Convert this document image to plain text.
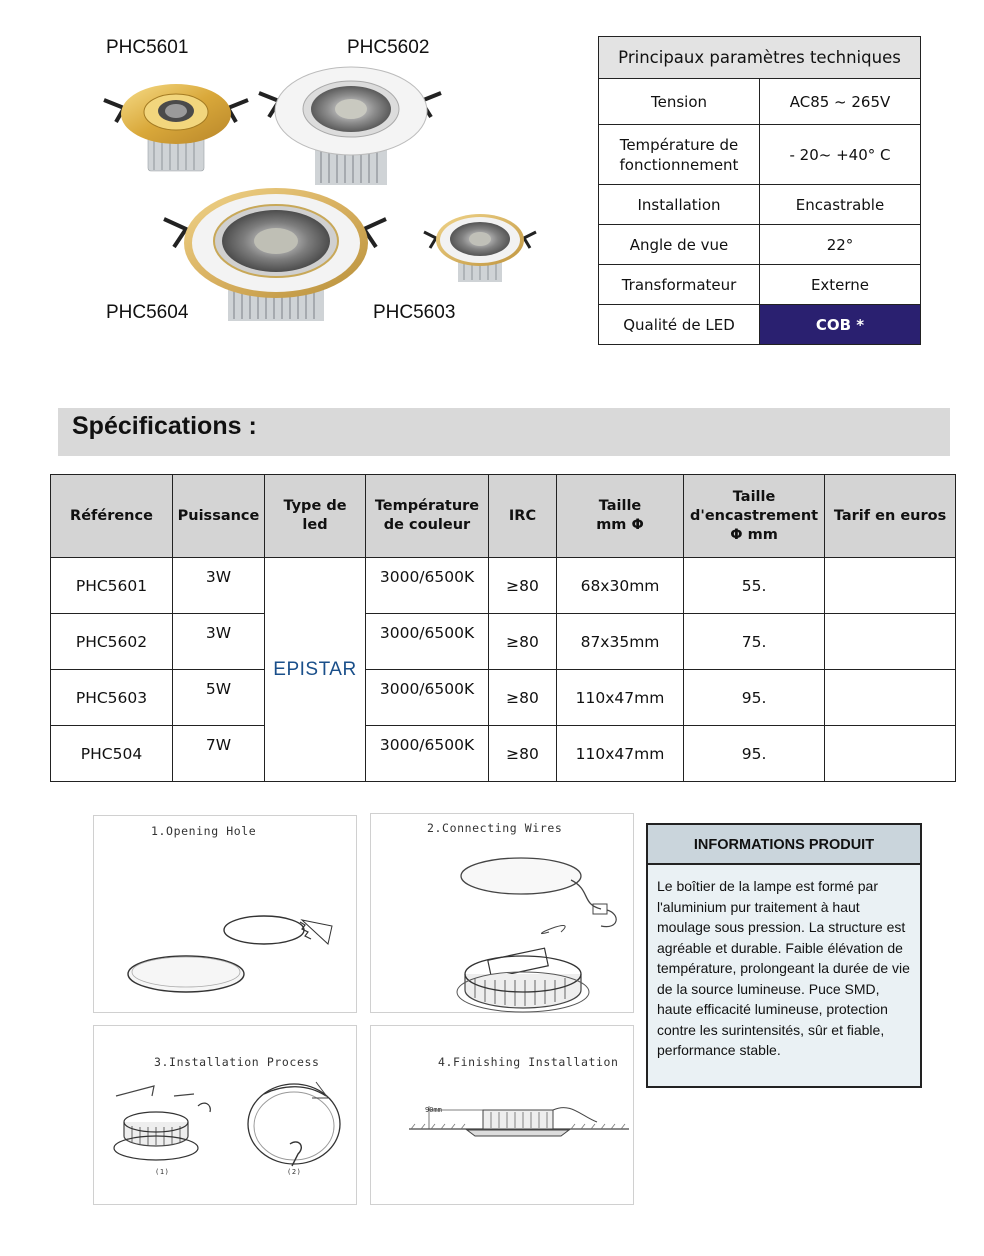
PHC5601	PHC5602
PHC5604	PHC5603
Principaux paramètres techniques	
Tension	AC85 ~ 265V
Température de fonctionnement	- 20~ +40° C
Installation	Encastrable
Angle de vue	22°
Transformateur	Externe
Qualité de LED	COB *
Spécifications :
Référence	Puissance	Type de led	Température de couleur	IRC	Taille mm Φ	Taille d'encastrement Φ mm	Tarif en euros
PHC5601	3W	EPISTAR	3000/6500K	≥80	68x30mm	55.	
PHC5602	3W		3000/6500K	≥80	87x35mm	75.	
PHC5603	5W		3000/6500K	≥80	110x47mm	95.	
PHC504	7W		3000/6500K	≥80	110x47mm	95.	
1.Opening Hole	2.Connecting Wires
3.Installation Process
(1)	(2)
4.Finishing Installation
90mm
INFORMATIONS PRODUIT
Le boîtier de la lampe est formé par l'aluminium pur traitement à haut moulage sous pression. La structure est agréable et durable. Faible élévation de température, prolongeant la durée de vie de la source lumineuse. Puce SMD, haute efficacité lumineuse, protection contre les surintensités, sûr et fiable, performance stable.
